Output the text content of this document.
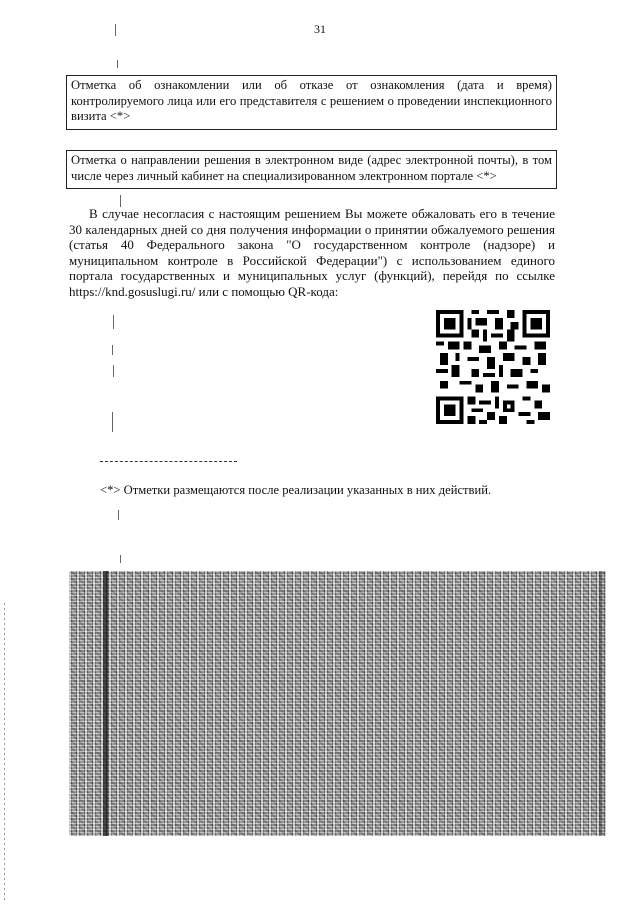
31
Отметка об ознакомлении или об отказе от ознакомления (дата и время) контролируемого лица или его представителя с решением о проведении инспекционного визита <*>
Отметка о направлении решения в электронном виде (адрес электронной почты), в том числе через личный кабинет на специализированном электронном портале <*>

В случае несогласия с настоящим решением Вы можете обжаловать его в течение 30 календарных дней со дня получения информации о принятии обжалуемого решения (статья 40 Федерального закона "О государственном контроле (надзоре) и муниципальном контроле в Российской Федерации") с использованием единого портала государственных и муниципальных услуг (функций), перейдя по ссылке https://knd.gosuslugi.ru/ или с помощью QR-кода:

<*> Отметки размещаются после реализации указанных в них действий.
